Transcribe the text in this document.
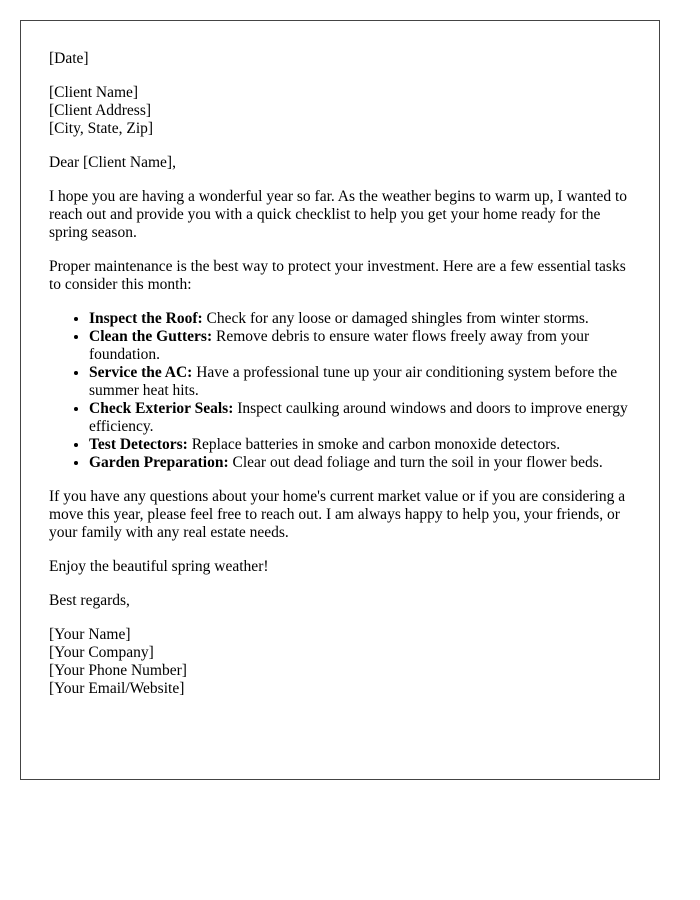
[Date]

[Client Name]
[Client Address]
[City, State, Zip]

Dear [Client Name],

I hope you are having a wonderful year so far. As the weather begins to warm up, I wanted to reach out and provide you with a quick checklist to help you get your home ready for the spring season.

Proper maintenance is the best way to protect your investment. Here are a few essential tasks to consider this month:

• Inspect the Roof: Check for any loose or damaged shingles from winter storms.
• Clean the Gutters: Remove debris to ensure water flows freely away from your foundation.
• Service the AC: Have a professional tune up your air conditioning system before the summer heat hits.
• Check Exterior Seals: Inspect caulking around windows and doors to improve energy efficiency.
• Test Detectors: Replace batteries in smoke and carbon monoxide detectors.
• Garden Preparation: Clear out dead foliage and turn the soil in your flower beds.

If you have any questions about your home's current market value or if you are considering a move this year, please feel free to reach out. I am always happy to help you, your friends, or your family with any real estate needs.

Enjoy the beautiful spring weather!

Best regards,

[Your Name]
[Your Company]
[Your Phone Number]
[Your Email/Website]
